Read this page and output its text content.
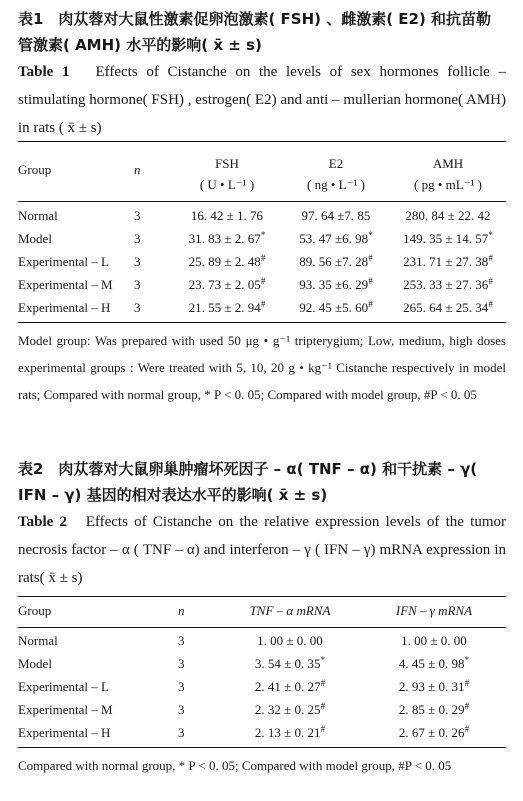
表1　肉苁蓉对大鼠性激素促卵泡激素( FSH) 、雌激素( E2) 和抗苗勒管激素( AMH) 水平的影响( x̄ ± s)

Table 1 Effects of Cistanche on the levels of sex hormones follicle – stimulating hormone( FSH) , estrogen( E2) and anti – mullerian hormone( AMH) in rats ( x̄ ± s)

Group	n	FSH	E2	AMH
		( U • L⁻¹ )	( ng • L⁻¹ )	( pg • mL⁻¹ )

Normal	3	16. 42 ± 1. 76	97. 64 ±7. 85	280. 84 ± 22. 42
Model	3	31. 83 ± 2. 67*	53. 47 ±6. 98*	149. 35 ± 14. 57*
Experimental – L	3	25. 89 ± 2. 48#	89. 56 ±7. 28#	231. 71 ± 27. 38#
Experimental – M	3	23. 73 ± 2. 05#	93. 35 ±6. 29#	253. 33 ± 27. 36#
Experimental – H	3	21. 55 ± 2. 94#	92. 45 ±5. 60#	265. 64 ± 25. 34#

Model group: Was prepared with used 50 μg • g⁻¹ tripterygium; Low, medium, high doses experimental groups : Were treated with 5, 10, 20 g • kg⁻¹ Cistanche respectively in model rats; Compared with normal group, * P < 0. 05; Compared with model group, #P < 0. 05

表2　肉苁蓉对大鼠卵巢肿瘤坏死因子 – α( TNF – α) 和干扰素 – γ( IFN – γ) 基因的相对表达水平的影响( x̄ ± s)

Table 2 Effects of Cistanche on the relative expression levels of the tumor necrosis factor – α ( TNF – α) and interferon – γ ( IFN – γ) mRNA expression in rats( x̄ ± s)

Group	n	TNF – α mRNA	IFN – γ mRNA

Normal	3	1. 00 ± 0. 00	1. 00 ± 0. 00
Model	3	3. 54 ± 0. 35*	4. 45 ± 0. 98*
Experimental – L	3	2. 41 ± 0. 27#	2. 93 ± 0. 31#
Experimental – M	3	2. 32 ± 0. 25#	2. 85 ± 0. 29#
Experimental – H	3	2. 13 ± 0. 21#	2. 67 ± 0. 26#

Compared with normal group, * P < 0. 05; Compared with model group, #P < 0. 05
